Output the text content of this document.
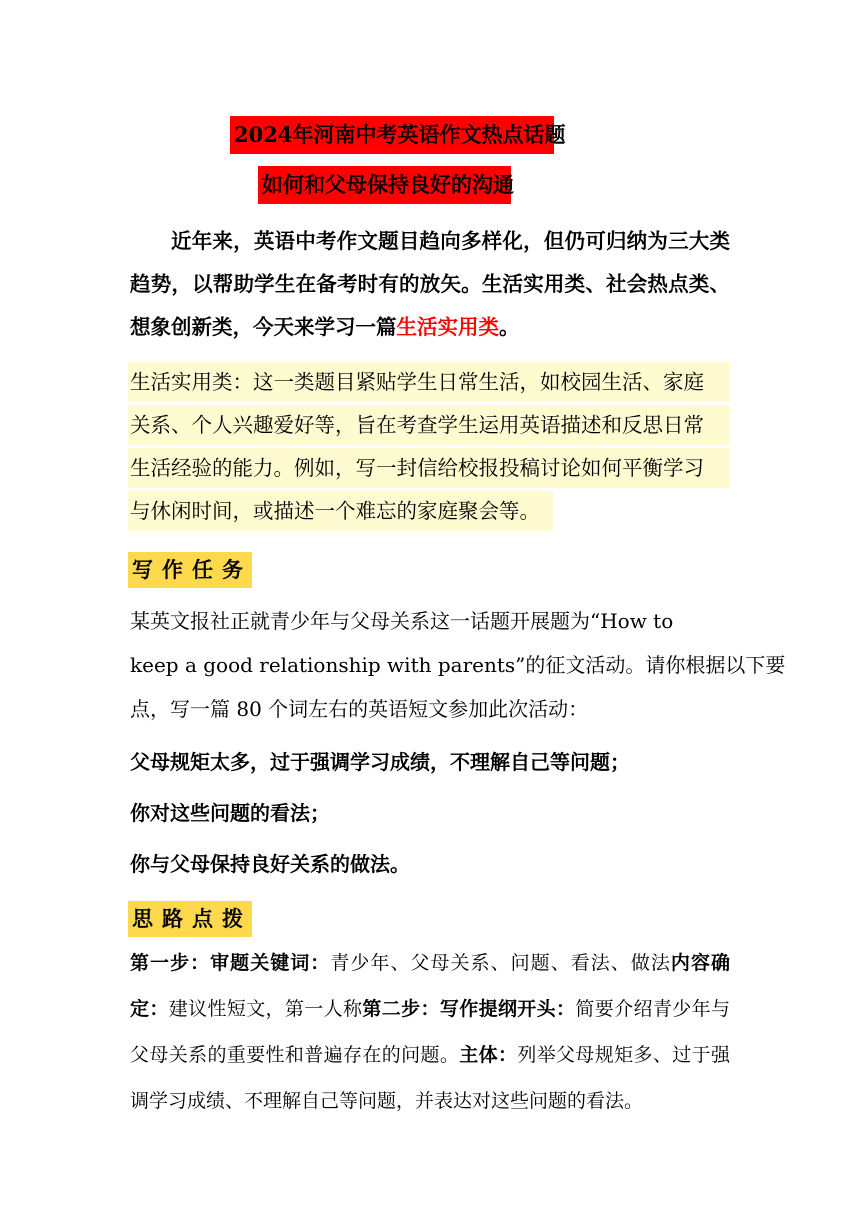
2024年河南中考英语作文热点话题
如何和父母保持良好的沟通

近年来，英语中考作文题目趋向多样化，但仍可归纳为三大类趋势，以帮助学生在备考时有的放矢。生活实用类、社会热点类、想象创新类，今天来学习一篇生活实用类。

生活实用类：这一类题目紧贴学生日常生活，如校园生活、家庭
关系、个人兴趣爱好等，旨在考查学生运用英语描述和反思日常
生活经验的能力。例如，写一封信给校报投稿讨论如何平衡学习
与休闲时间，或描述一个难忘的家庭聚会等。
写作任务
某英文报社正就青少年与父母关系这一话题开展题为“How to
keep a good relationship with parents”的征文活动。请你根据以下要
点，写一篇 80 个词左右的英语短文参加此次活动：
父母规矩太多，过于强调学习成绩，不理解自己等问题；
你对这些问题的看法；
你与父母保持良好关系的做法。
思路点拨

第一步：审题关键词：青少年、父母关系、问题、看法、做法内容确定：建议性短文，第一人称第二步：写作提纲开头：简要介绍青少年与父母关系的重要性和普遍存在的问题。主体：列举父母规矩多、过于强调学习成绩、不理解自己等问题，并表达对这些问题的看法。
